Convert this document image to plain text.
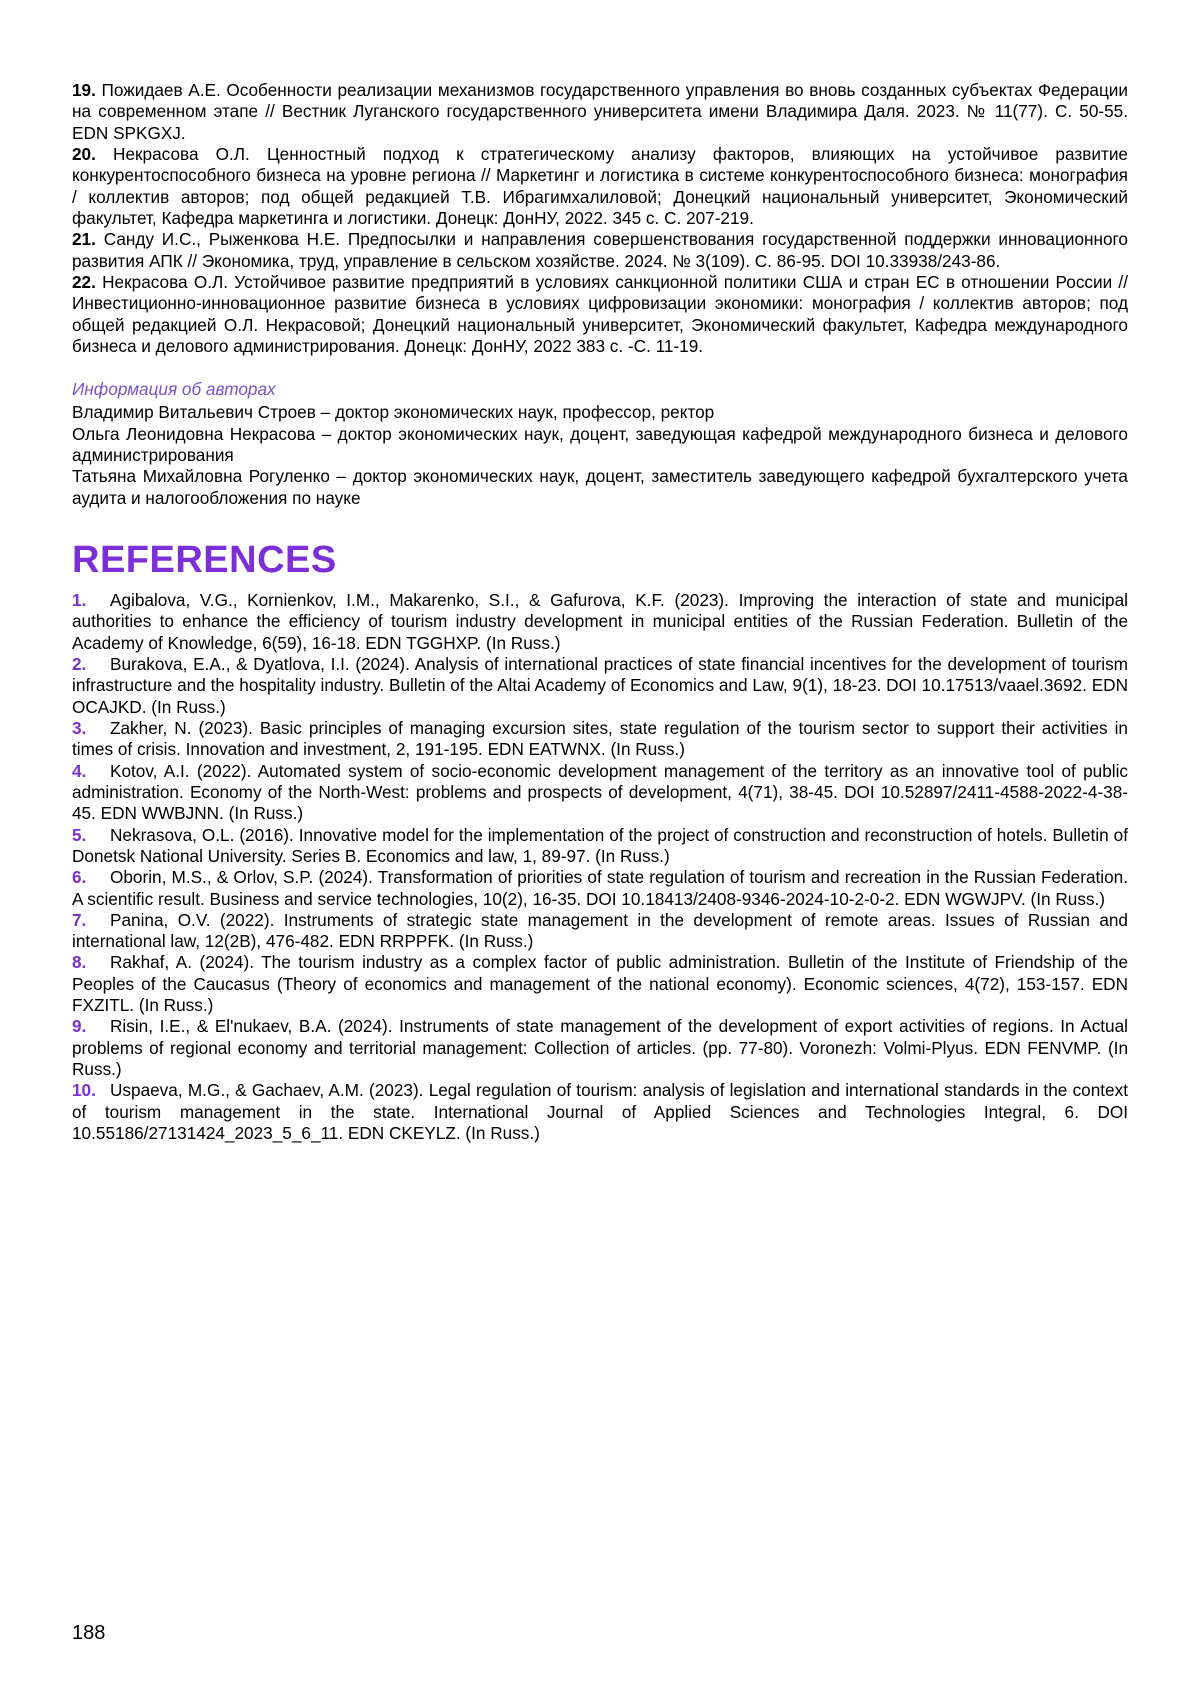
19. Пожидаев А.Е. Особенности реализации механизмов государственного управления во вновь созданных субъектах Федерации на современном этапе // Вестник Луганского государственного университета имени Владимира Даля. 2023. № 11(77). С. 50-55. EDN SPKGXJ.

20. Некрасова О.Л. Ценностный подход к стратегическому анализу факторов, влияющих на устойчивое развитие конкурентоспособного бизнеса на уровне региона // Маркетинг и логистика в системе конкурентоспособного бизнеса: монография / коллектив авторов; под общей редакцией Т.В. Ибрагимхалиловой; Донецкий национальный университет, Экономический факультет, Кафедра маркетинга и логистики. Донецк: ДонНУ, 2022. 345 с. С. 207-219.

21. Санду И.С., Рыженкова Н.Е. Предпосылки и направления совершенствования государственной поддержки инновационного развития АПК // Экономика, труд, управление в сельском хозяйстве. 2024. № 3(109). С. 86-95. DOI 10.33938/243-86.

22. Некрасова О.Л. Устойчивое развитие предприятий в условиях санкционной политики США и стран ЕС в отношении России // Инвестиционно-инновационное развитие бизнеса в условиях цифровизации экономики: монография / коллектив авторов; под общей редакцией О.Л. Некрасовой; Донецкий национальный университет, Экономический факультет, Кафедра международного бизнеса и делового администрирования. Донецк: ДонНУ, 2022 383 с. -С. 11-19.

Информация об авторах

Владимир Витальевич Строев – доктор экономических наук, профессор, ректор

Ольга Леонидовна Некрасова – доктор экономических наук, доцент, заведующая кафедрой международного бизнеса и делового администрирования

Татьяна Михайловна Рогуленко – доктор экономических наук, доцент, заместитель заведующего кафедрой бухгалтерского учета аудита и налогообложения по науке

REFERENCES

1. Agibalova, V.G., Kornienkov, I.M., Makarenko, S.I., & Gafurova, K.F. (2023). Improving the interaction of state and municipal authorities to enhance the efficiency of tourism industry development in municipal entities of the Russian Federation. Bulletin of the Academy of Knowledge, 6(59), 16-18. EDN TGGHXP. (In Russ.)

2. Burakova, E.A., & Dyatlova, I.I. (2024). Analysis of international practices of state financial incentives for the development of tourism infrastructure and the hospitality industry. Bulletin of the Altai Academy of Economics and Law, 9(1), 18-23. DOI 10.17513/vaael.3692. EDN OCAJKD. (In Russ.)

3. Zakher, N. (2023). Basic principles of managing excursion sites, state regulation of the tourism sector to support their activities in times of crisis. Innovation and investment, 2, 191-195. EDN EATWNX. (In Russ.)

4. Kotov, A.I. (2022). Automated system of socio-economic development management of the territory as an innovative tool of public administration. Economy of the North-West: problems and prospects of development, 4(71), 38-45. DOI 10.52897/2411-4588-2022-4-38-45. EDN WWBJNN. (In Russ.)

5. Nekrasova, O.L. (2016). Innovative model for the implementation of the project of construction and reconstruction of hotels. Bulletin of Donetsk National University. Series B. Economics and law, 1, 89-97. (In Russ.)

6. Oborin, M.S., & Orlov, S.P. (2024). Transformation of priorities of state regulation of tourism and recreation in the Russian Federation. A scientific result. Business and service technologies, 10(2), 16-35. DOI 10.18413/2408-9346-2024-10-2-0-2. EDN WGWJPV. (In Russ.)

7. Panina, O.V. (2022). Instruments of strategic state management in the development of remote areas. Issues of Russian and international law, 12(2B), 476-482. EDN RRPPFK. (In Russ.)

8. Rakhaf, A. (2024). The tourism industry as a complex factor of public administration. Bulletin of the Institute of Friendship of the Peoples of the Caucasus (Theory of economics and management of the national economy). Economic sciences, 4(72), 153-157. EDN FXZITL. (In Russ.)

9. Risin, I.E., & El'nukaev, B.A. (2024). Instruments of state management of the development of export activities of regions. In Actual problems of regional economy and territorial management: Collection of articles. (pp. 77-80). Voronezh: Volmi-Plyus. EDN FENVMP. (In Russ.)

10. Uspaeva, M.G., & Gachaev, A.M. (2023). Legal regulation of tourism: analysis of legislation and international standards in the context of tourism management in the state. International Journal of Applied Sciences and Technologies Integral, 6. DOI 10.55186/27131424_2023_5_6_11. EDN CKEYLZ. (In Russ.)

188
